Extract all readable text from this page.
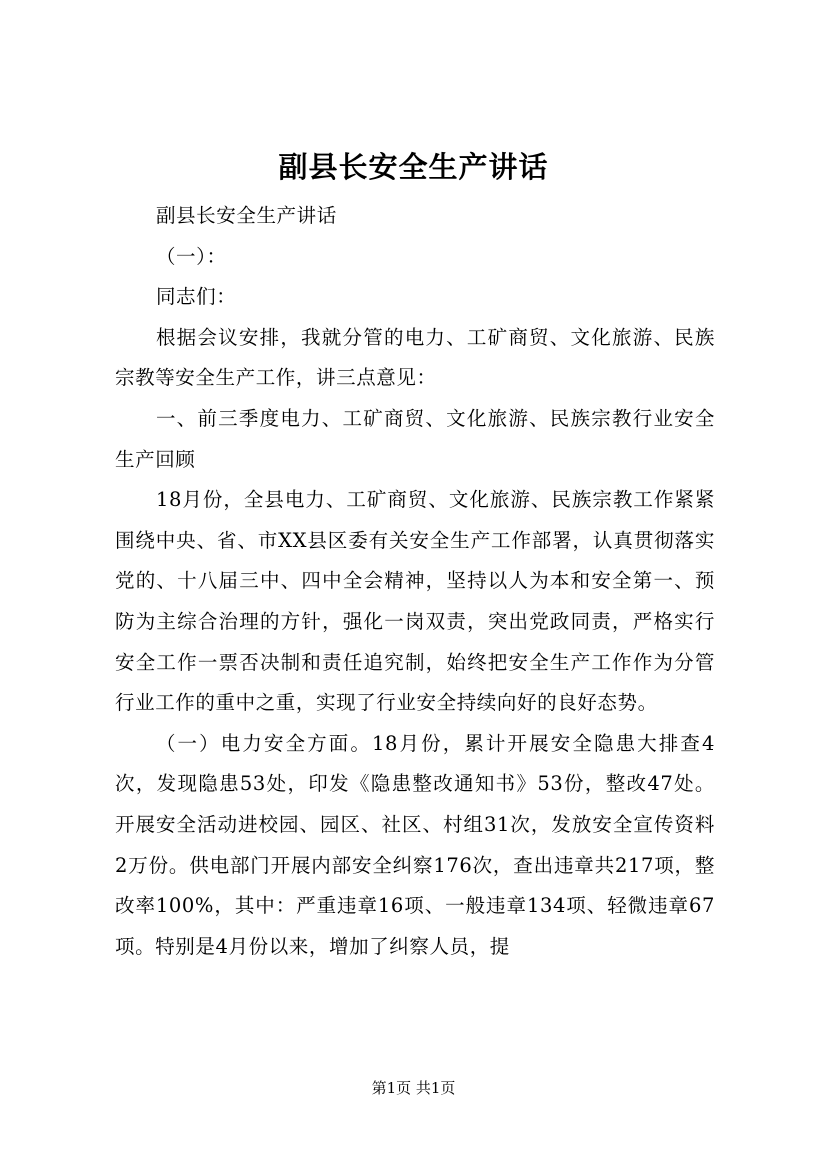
副县长安全生产讲话

副县长安全生产讲话

（一）：

同志们：

根据会议安排，我就分管的电力、工矿商贸、文化旅游、民族宗教等安全生产工作，讲三点意见：

一、前三季度电力、工矿商贸、文化旅游、民族宗教行业安全生产回顾

18月份，全县电力、工矿商贸、文化旅游、民族宗教工作紧紧围绕中央、省、市XX县区委有关安全生产工作部署，认真贯彻落实党的、十八届三中、四中全会精神，坚持以人为本和安全第一、预防为主综合治理的方针，强化一岗双责，突出党政同责，严格实行安全工作一票否决制和责任追究制，始终把安全生产工作作为分管行业工作的重中之重，实现了行业安全持续向好的良好态势。

（一）电力安全方面。18月份，累计开展安全隐患大排查4次，发现隐患53处，印发《隐患整改通知书》53份，整改47处。开展安全活动进校园、园区、社区、村组31次，发放安全宣传资料2万份。供电部门开展内部安全纠察176次，查出违章共217项，整改率100%，其中：严重违章16项、一般违章134项、轻微违章67项。特别是4月份以来，增加了纠察人员，提

第1页 共1页
